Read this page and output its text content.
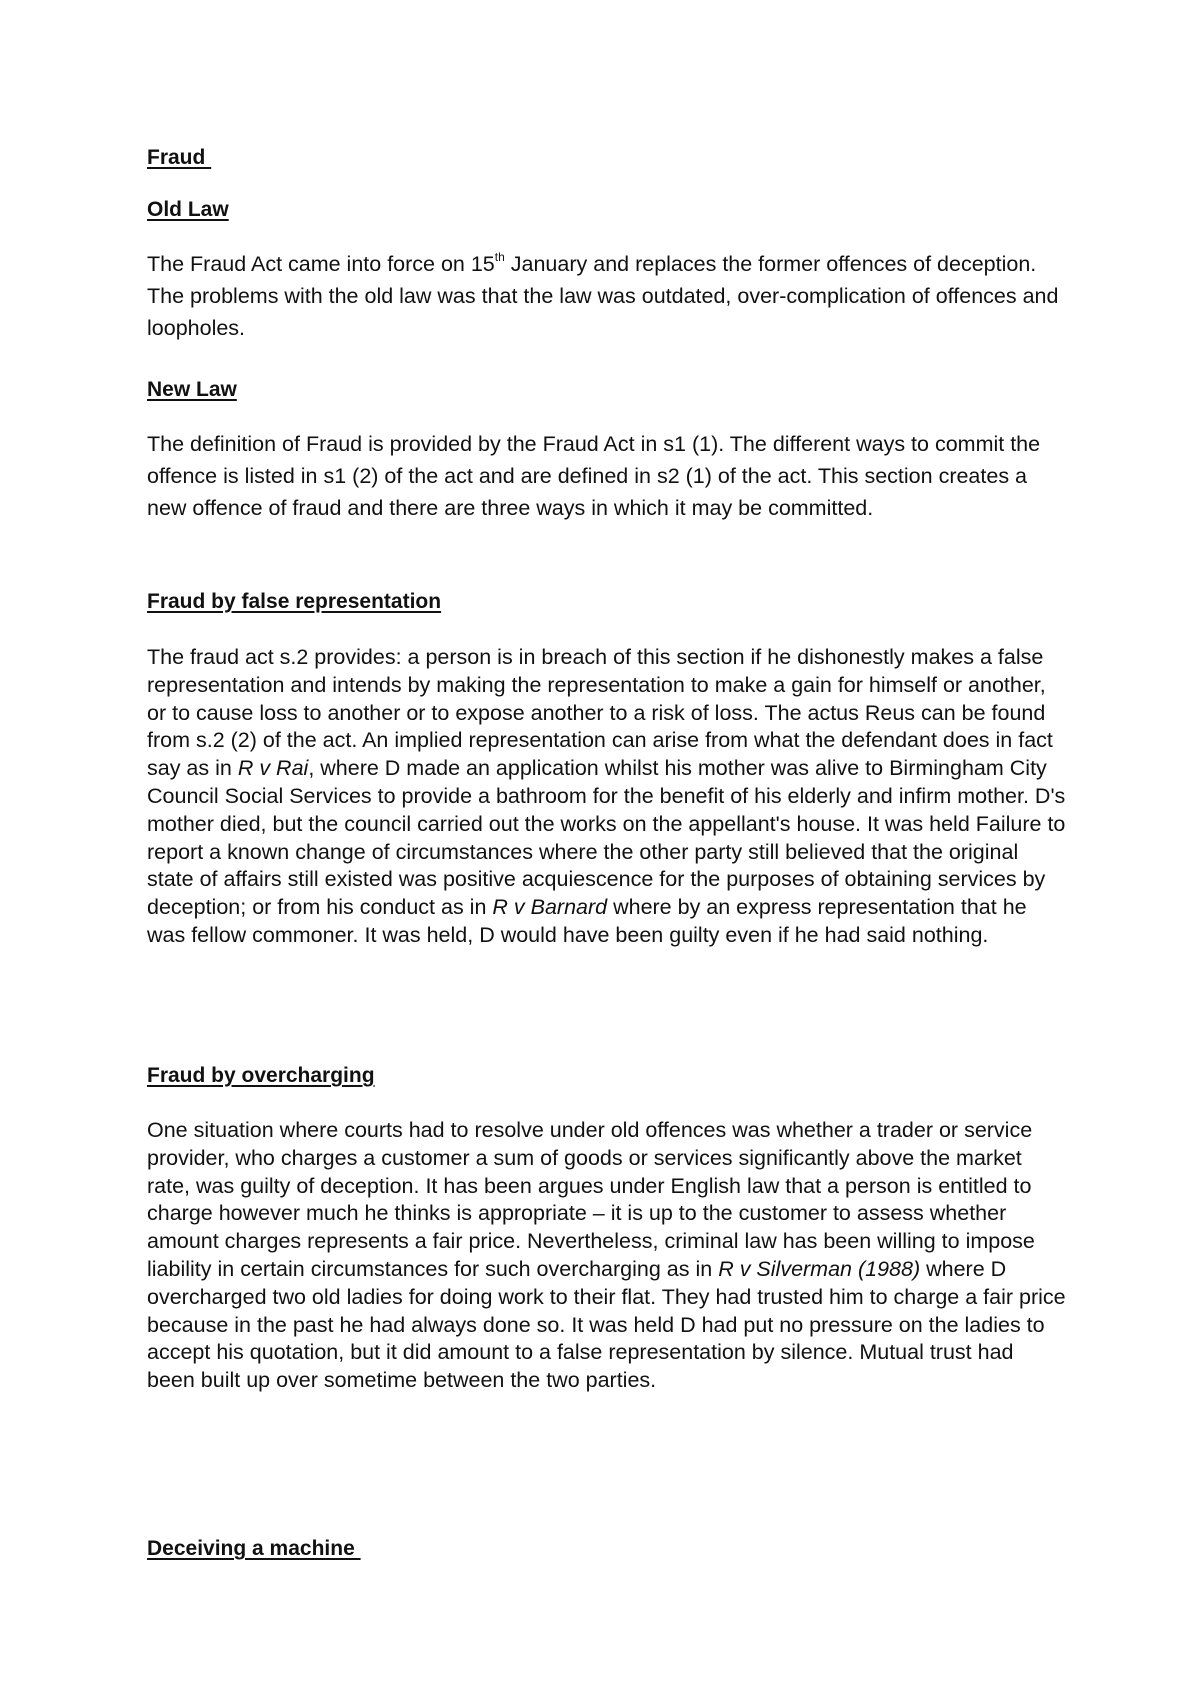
Fraud
Old Law

The Fraud Act came into force on 15th January and replaces the former offences of deception. The problems with the old law was that the law was outdated, over-complication of offences and loopholes.

New Law

The definition of Fraud is provided by the Fraud Act in s1 (1). The different ways to commit the offence is listed in s1 (2) of the act and are defined in s2 (1) of the act. This section creates a new offence of fraud and there are three ways in which it may be committed.

Fraud by false representation

The fraud act s.2 provides: a person is in breach of this section if he dishonestly makes a false representation and intends by making the representation to make a gain for himself or another, or to cause loss to another or to expose another to a risk of loss. The actus Reus can be found from s.2 (2) of the act. An implied representation can arise from what the defendant does in fact say as in R v Rai, where D made an application whilst his mother was alive to Birmingham City Council Social Services to provide a bathroom for the benefit of his elderly and infirm mother. D's mother died, but the council carried out the works on the appellant's house. It was held Failure to report a known change of circumstances where the other party still believed that the original state of affairs still existed was positive acquiescence for the purposes of obtaining services by deception; or from his conduct as in R v Barnard where by an express representation that he was fellow commoner. It was held, D would have been guilty even if he had said nothing.

Fraud by overcharging

One situation where courts had to resolve under old offences was whether a trader or service provider, who charges a customer a sum of goods or services significantly above the market rate, was guilty of deception. It has been argues under English law that a person is entitled to charge however much he thinks is appropriate – it is up to the customer to assess whether amount charges represents a fair price. Nevertheless, criminal law has been willing to impose liability in certain circumstances for such overcharging as in R v Silverman (1988) where D overcharged two old ladies for doing work to their flat. They had trusted him to charge a fair price because in the past he had always done so. It was held D had put no pressure on the ladies to accept his quotation, but it did amount to a false representation by silence. Mutual trust had been built up over sometime between the two parties.

Deceiving a machine
